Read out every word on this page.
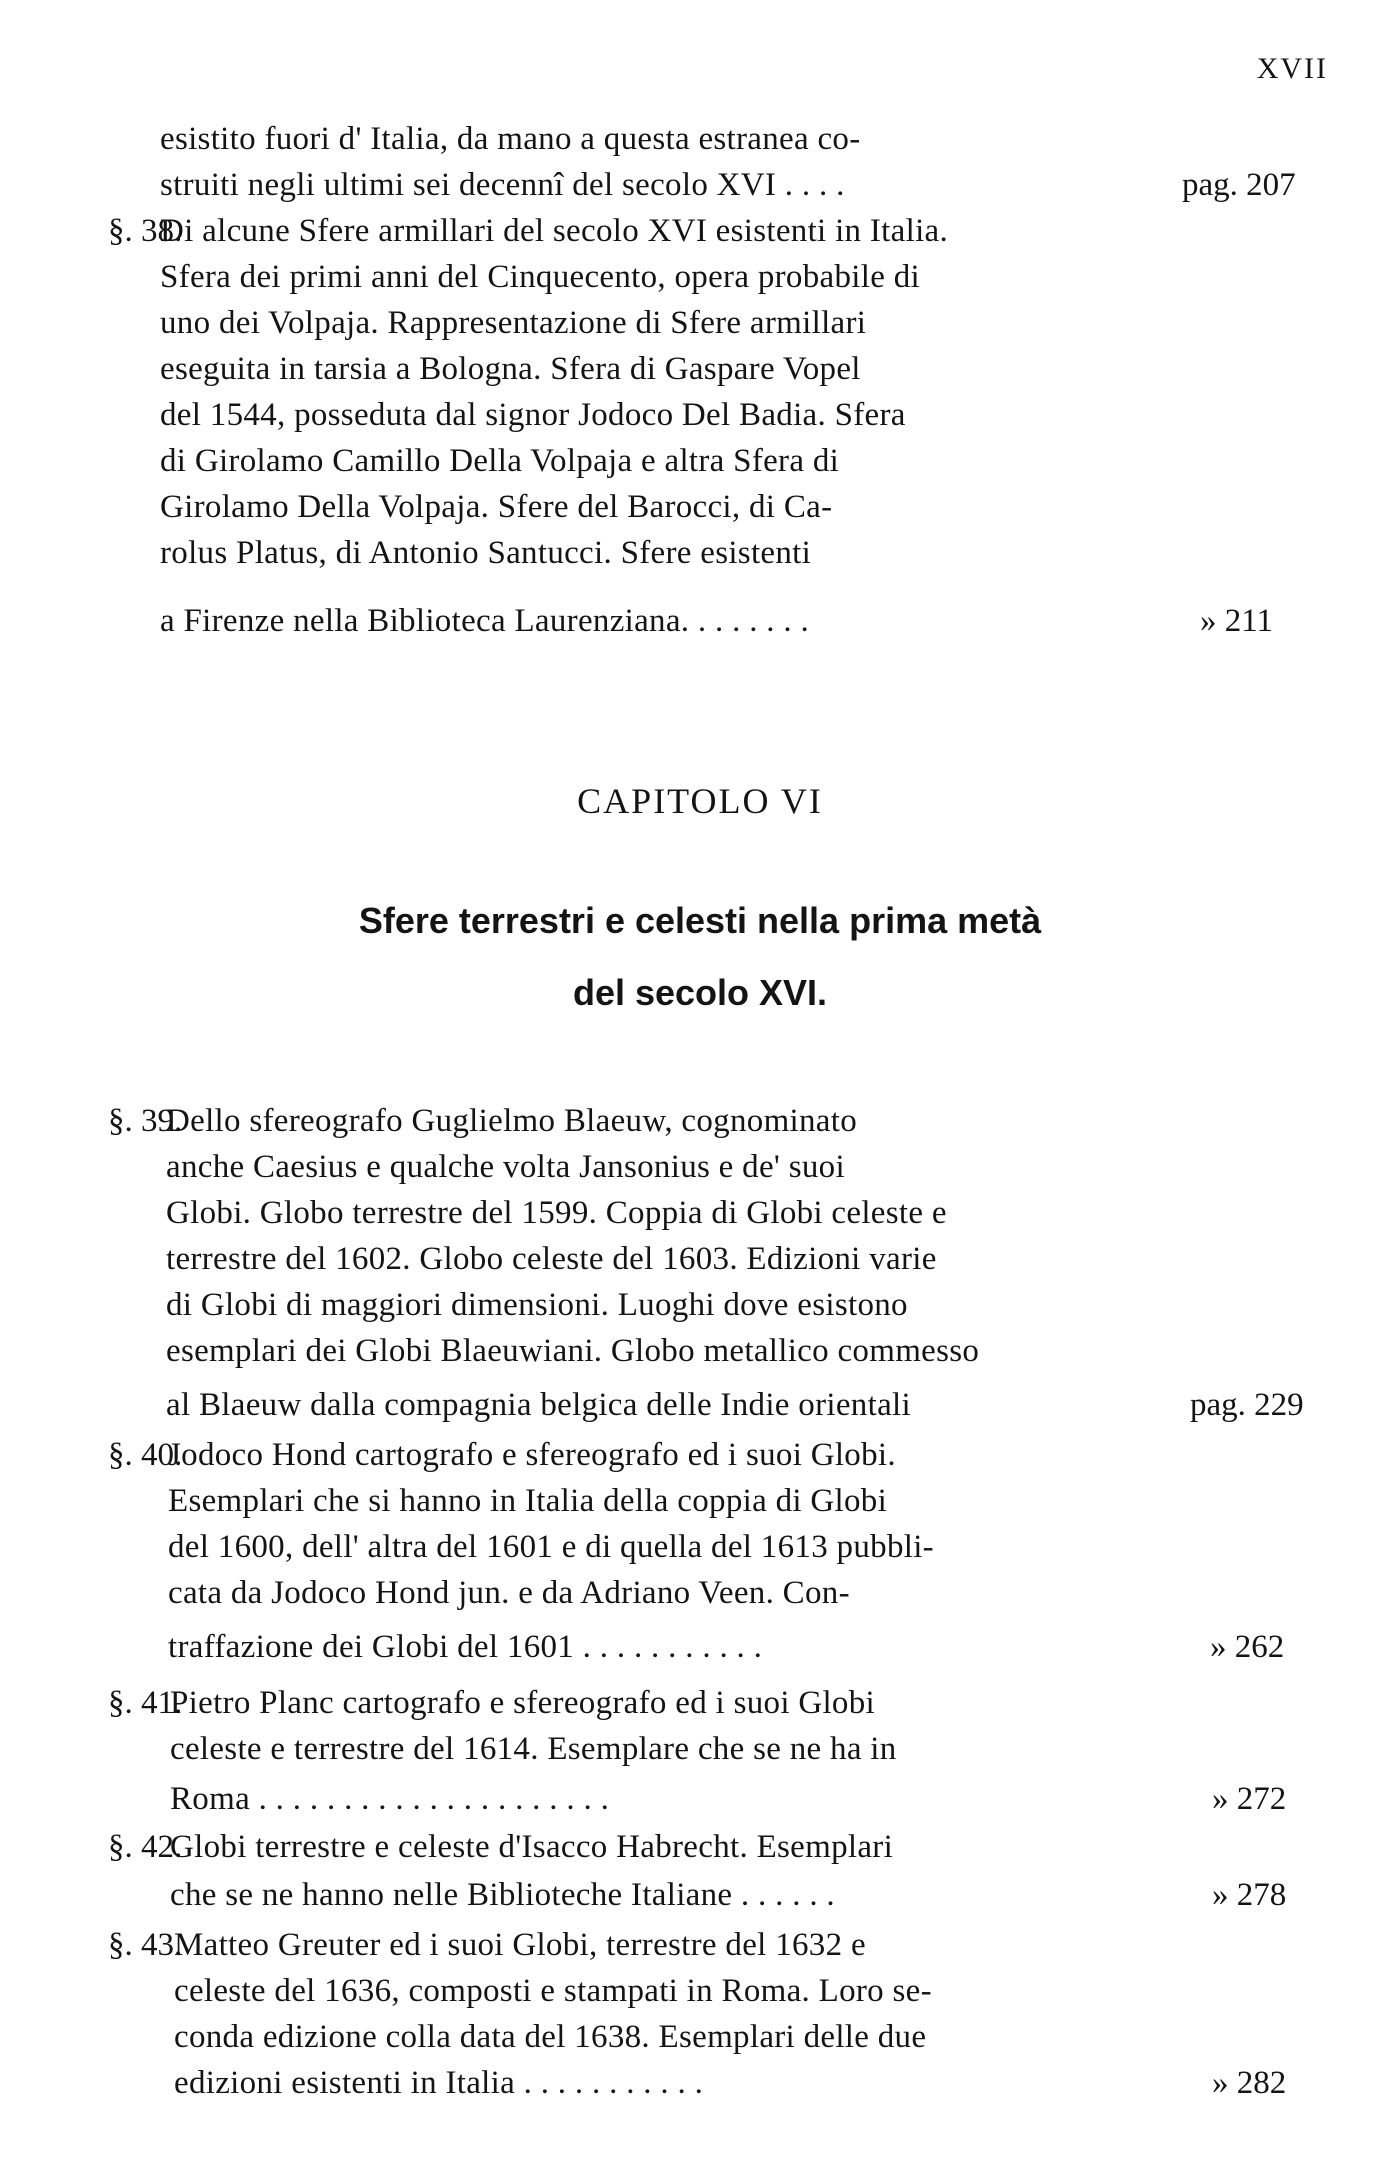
XVII
esistito fuori d' Italia, da mano a questa estranea co-
struiti negli ultimi sei decennî del secolo XVI . . . .	pag. 207
§. 38.
Di alcune Sfere armillari del secolo XVI esistenti in Italia.
Sfera dei primi anni del Cinquecento, opera probabile di
uno dei Volpaja. Rappresentazione di Sfere armillari
eseguita in tarsia a Bologna. Sfera di Gaspare Vopel
del 1544, posseduta dal signor Jodoco Del Badia. Sfera
di Girolamo Camillo Della Volpaja e altra Sfera di
Girolamo Della Volpaja. Sfere del Barocci, di Ca-
rolus Platus, di Antonio Santucci. Sfere esistenti
a Firenze nella Biblioteca Laurenziana. . . . . . . .	» 211
CAPITOLO VI
Sfere terrestri e celesti nella prima metà
del secolo XVI.
§. 39.
Dello sfereografo Guglielmo Blaeuw, cognominato
anche Caesius e qualche volta Jansonius e de' suoi
Globi. Globo terrestre del 1599. Coppia di Globi celeste e
terrestre del 1602. Globo celeste del 1603. Edizioni varie
di Globi di maggiori dimensioni. Luoghi dove esistono
esemplari dei Globi Blaeuwiani. Globo metallico commesso
al Blaeuw dalla compagnia belgica delle Indie orientali	pag. 229
§. 40.
Jodoco Hond cartografo e sfereografo ed i suoi Globi.
Esemplari che si hanno in Italia della coppia di Globi
del 1600, dell' altra del 1601 e di quella del 1613 pubbli-
cata da Jodoco Hond jun. e da Adriano Veen. Con-
traffazione dei Globi del 1601 . . . . . . . . . . .	» 262
§. 41.
Pietro Planc cartografo e sfereografo ed i suoi Globi
celeste e terrestre del 1614. Esemplare che se ne ha in
Roma . . . . . . . . . . . . . . . . . . . . .	» 272
§. 42.
Globi terrestre e celeste d'Isacco Habrecht. Esemplari
che se ne hanno nelle Biblioteche Italiane . . . . . .	» 278
§. 43.
Matteo Greuter ed i suoi Globi, terrestre del 1632 e
celeste del 1636, composti e stampati in Roma. Loro se-
conda edizione colla data del 1638. Esemplari delle due
edizioni esistenti in Italia . . . . . . . . . . .	» 282
